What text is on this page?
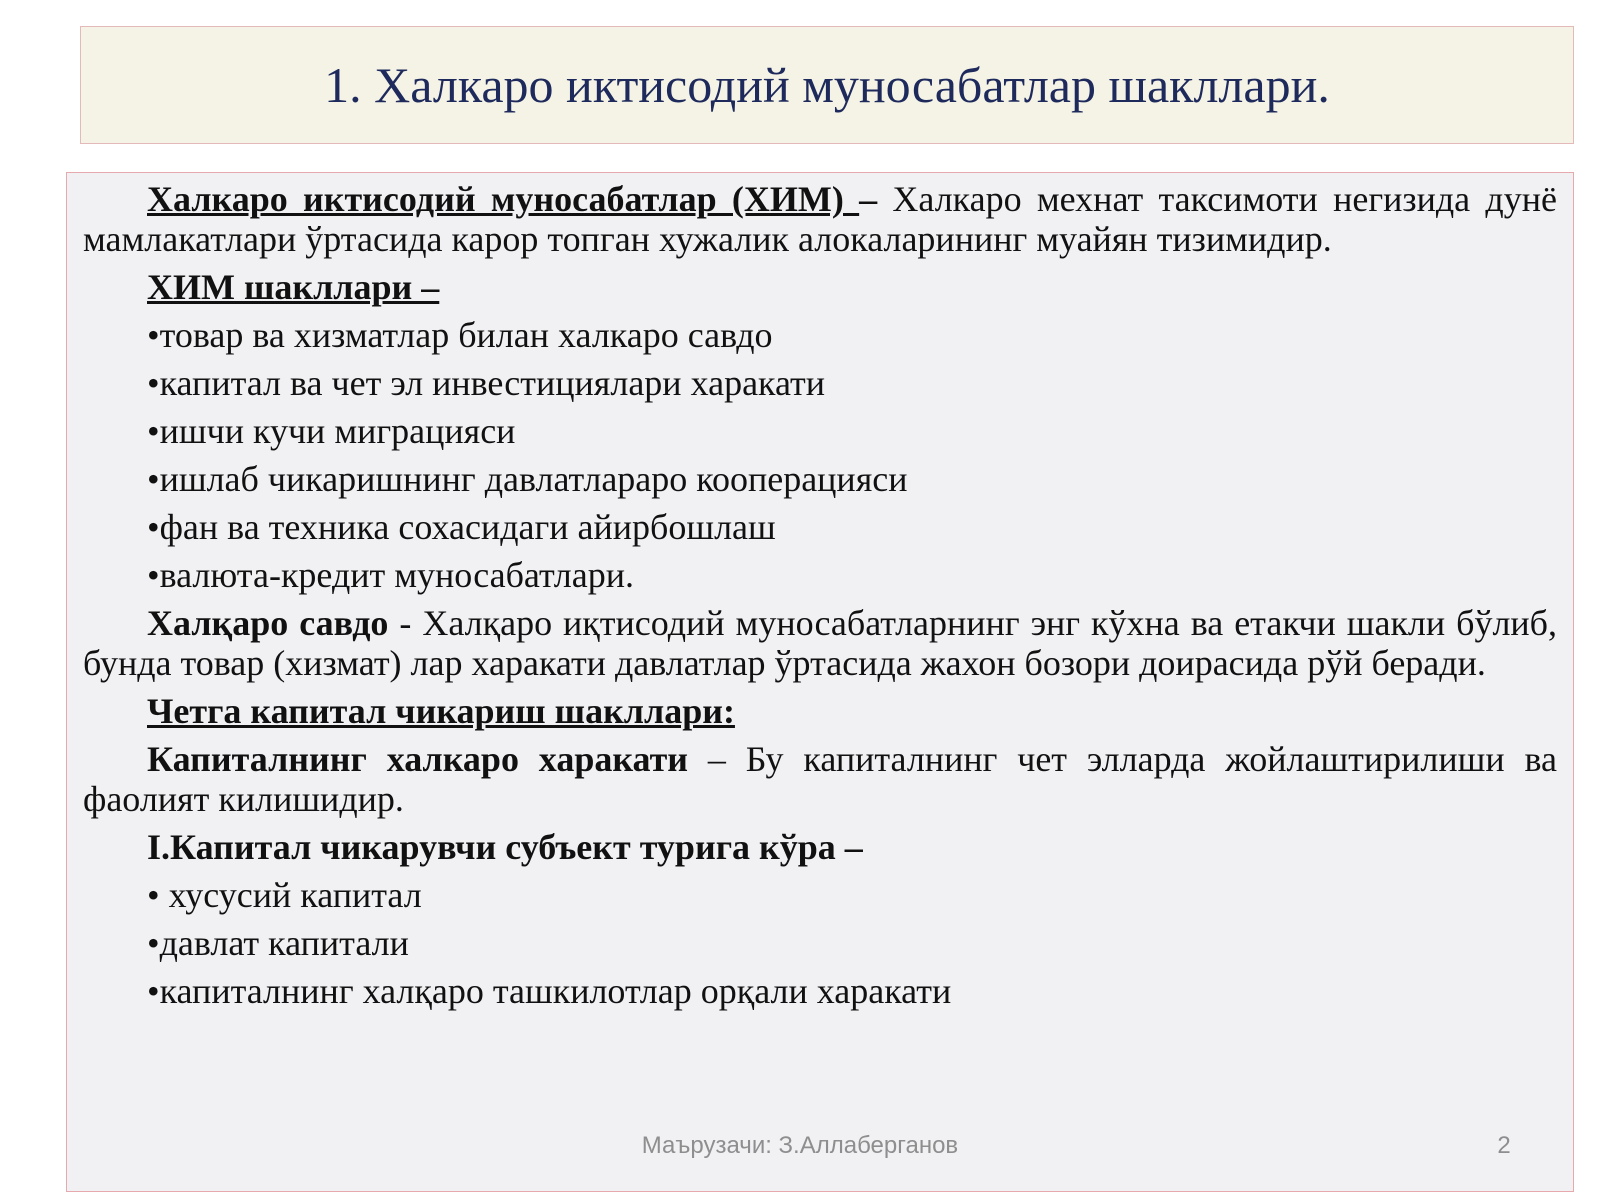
1. Халкаро иктисодий муносабатлар шакллари.

Халкаро иктисодий муносабатлар (ХИМ) – Халкаро мехнат таксимоти негизида дунё мамлакатлари ўртасида карор топган хужалик алокаларининг муайян тизимидир.

ХИМ шакллари –
•товар ва хизматлар билан халкаро савдо
•капитал ва чет эл инвестициялари харакати
•ишчи кучи миграцияси
•ишлаб чикаришнинг давлатлараро кооперацияси
•фан ва техника сохасидаги айирбошлаш
•валюта-кредит муносабатлари.

Халқаро савдо - Халқаро иқтисодий муносабатларнинг энг кўхна ва етакчи шакли бўлиб, бунда товар (хизмат) лар харакати давлатлар ўртасида жахон бозори доирасида рўй беради.

Четга капитал чикариш шакллари:

Капиталнинг халкаро харакати – Бу капиталнинг чет элларда жойлаштирилиши ва фаолият килишидир.

I.Капитал чикарувчи субъект турига кўра –
• хусусий капитал
•давлат капитали
•капиталнинг халқаро ташкилотлар орқали харакати
Маърузачи: З.Аллаберганов	2
